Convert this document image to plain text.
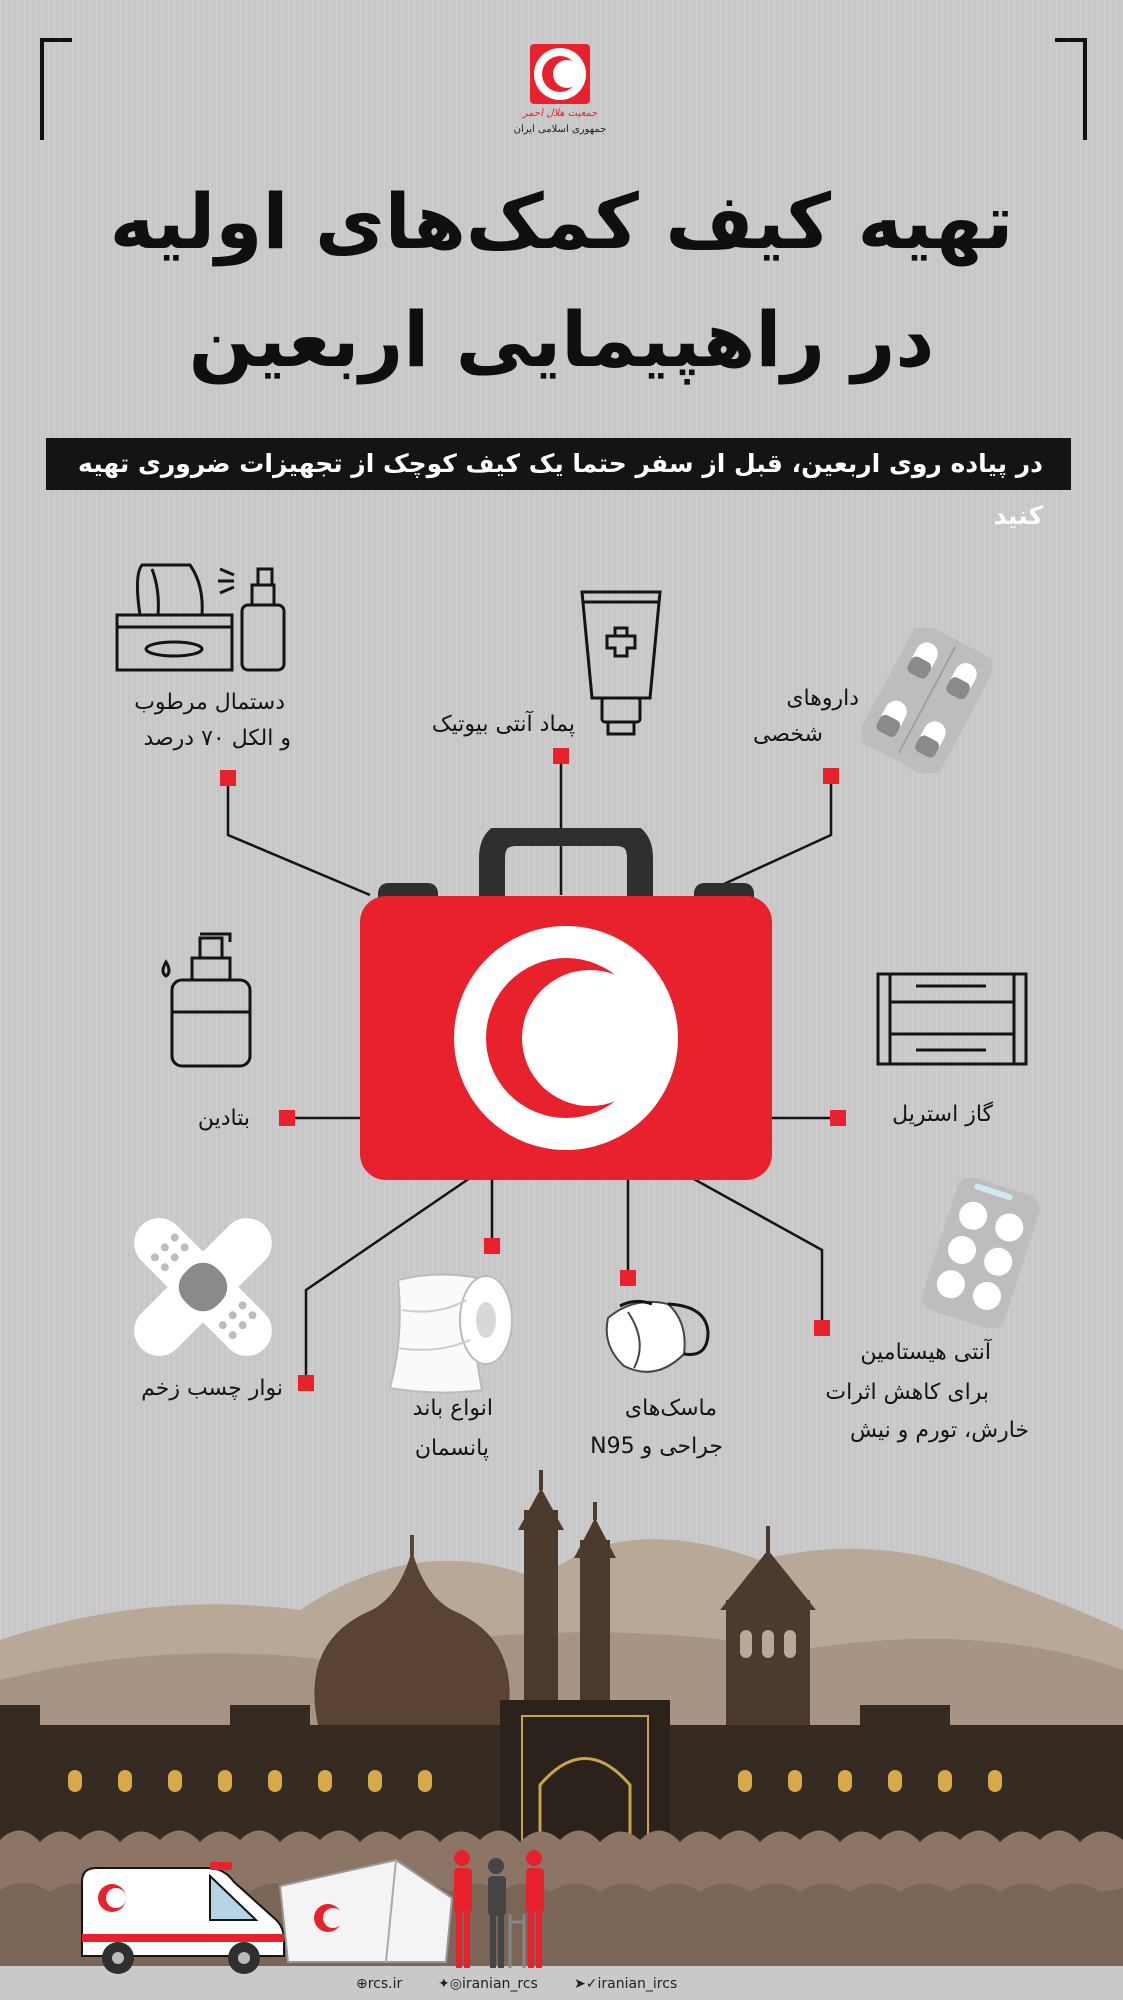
جمعیت هلال احمر
جمهوری اسلامی ایران
تهیه کیف کمک‌های اولیه
در راهپیمایی اربعین
در پیاده روی اربعین، قبل از سفر حتما یک کیف کوچک از تجهیزات ضروری تهیه کنید
دستمال مرطوب
و الکل ۷۰ درصد
پماد آنتی بیوتیک
داروهای
شخصی
بتادین	گاز استریل
آنتی هیستامین
برای کاهش اثرات
خارش، تورم و نیش
ماسک‌های
جراحی و N95
انواع باند
پانسمان
نوار چسب زخم
⊕rcs.ir	✦◎iranian_rcs	➤✓iranian_ircs
